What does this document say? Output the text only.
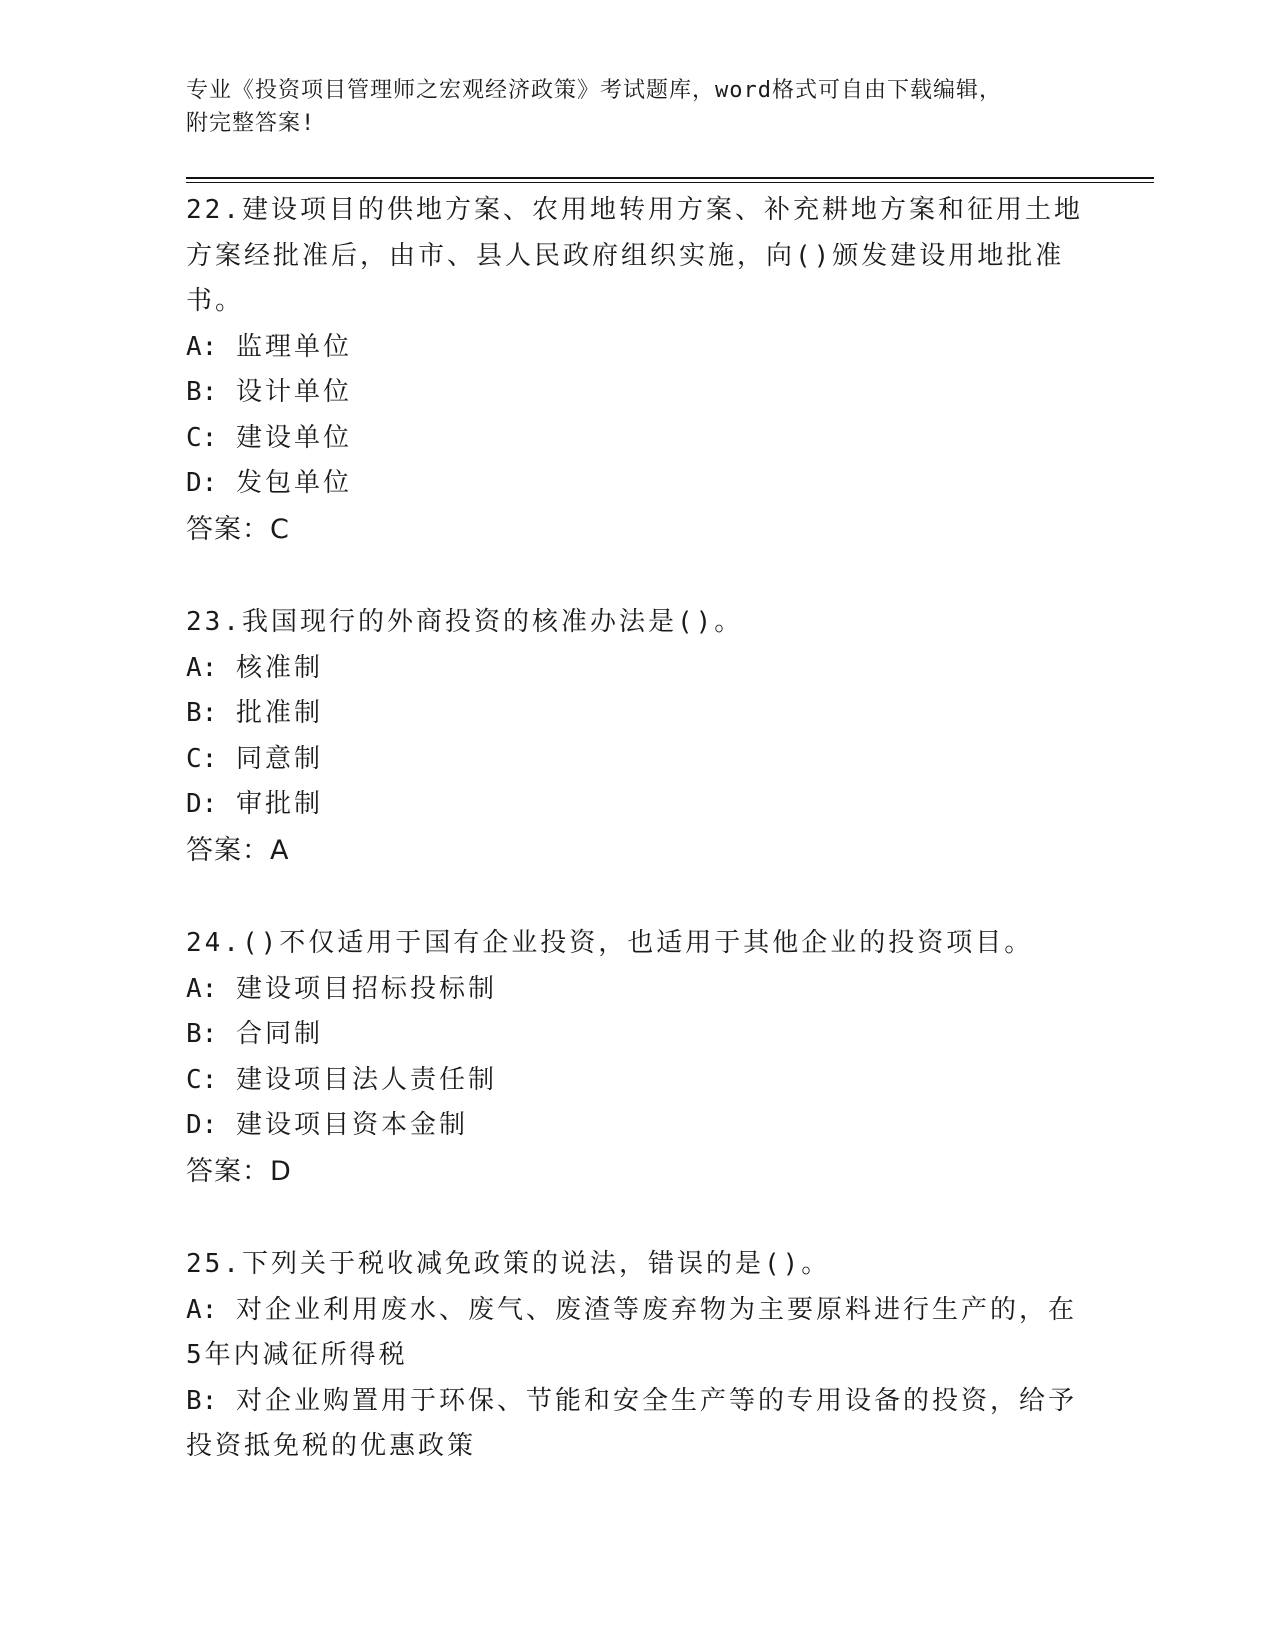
专业《投资项目管理师之宏观经济政策》考试题库，word格式可自由下载编辑，
附完整答案!

22.建设项目的供地方案、农用地转用方案、补充耕地方案和征用土地方案经批准后，由市、县人民政府组织实施，向()颁发建设用地批准书。

A: 监理单位

B: 设计单位

C: 建设单位

D: 发包单位

答案：C

23.我国现行的外商投资的核准办法是()。

A: 核准制

B: 批准制

C: 同意制

D: 审批制

答案：A

24.()不仅适用于国有企业投资，也适用于其他企业的投资项目。

A: 建设项目招标投标制

B: 合同制

C: 建设项目法人责任制

D: 建设项目资本金制

答案：D

25.下列关于税收减免政策的说法，错误的是()。

A: 对企业利用废水、废气、废渣等废弃物为主要原料进行生产的，在5年内减征所得税

B: 对企业购置用于环保、节能和安全生产等的专用设备的投资，给予投资抵免税的优惠政策
